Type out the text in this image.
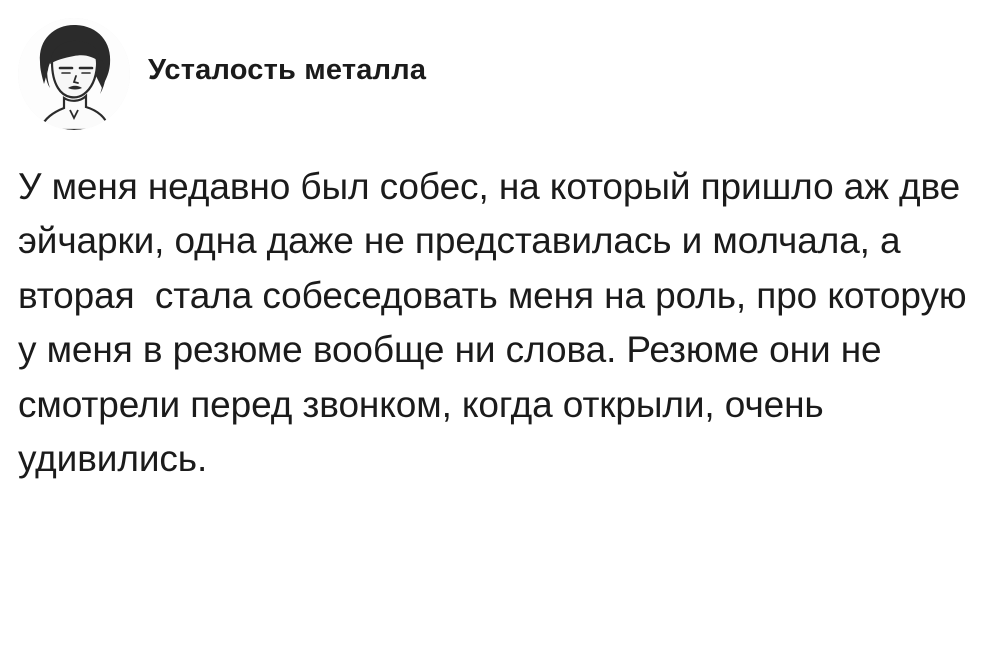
Усталость металла
У меня недавно был собес, на который пришло аж две эйчарки, одна даже не представилась и молчала, а вторая  стала собеседовать меня на роль, про которую у меня в резюме вообще ни слова. Резюме они не смотрели перед звонком, когда открыли, очень удивились.
